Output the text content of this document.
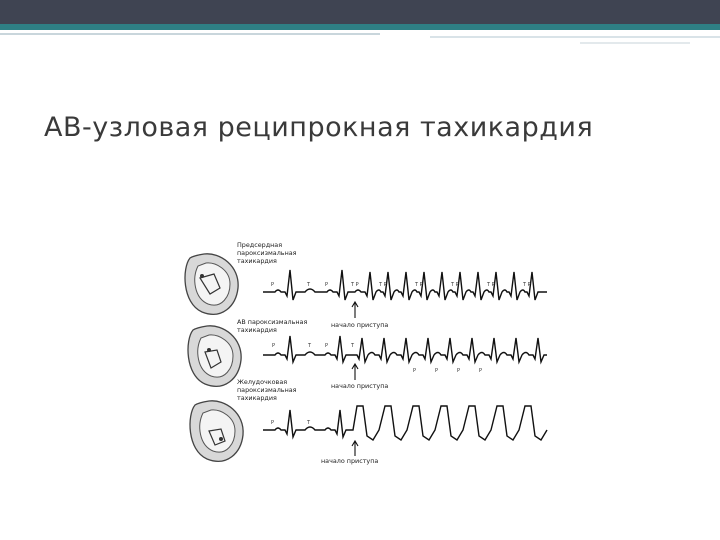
АВ-узловая реципрокная тахикардия
Предсердная
пароксизмальная
тахикардия
P	T	P	T P	T P	T P	T P	T P	T P
начало приступа
АВ пароксизмальная
тахикардия
P	T	P	T
P	P	P	P
начало приступа
Желудочковая
пароксизмальная
тахикардия
P	T
начало приступа
